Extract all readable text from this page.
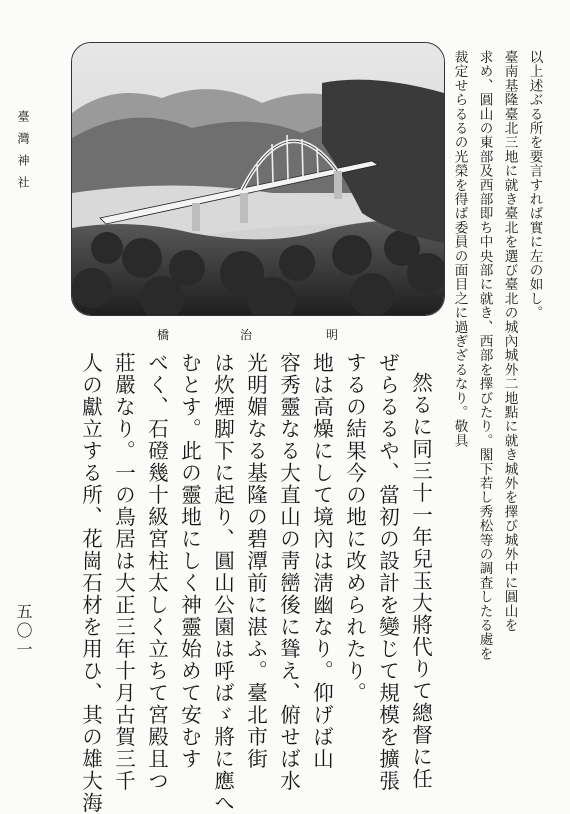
以上述ぶる所を要言すれば實に左の如し。
臺南基隆臺北三地に就き臺北を選び臺北の城內城外二地點に就き城外を擇び城外中に圓山を
求め、圓山の東部及西部即ち中央部に就き、西部を擇びたり。閣下若し秀松等の調査したる處を
裁定せらるるの光榮を得ば委員の面目之に過ぎざるなり。敬具
明
治
橋
臺灣神社
然るに同三十一年兒玉大將代りて總督に任
ぜらるるや、當初の設計を變じて規模を擴張
するの結果今の地に改められたり。
地は高燥にして境內は淸幽なり。仰げば山
容秀靈なる大直山の靑巒後に聳え、俯せば水
光明媚なる基隆の碧潭前に湛ふ。臺北市街
は炊煙脚下に起り、圓山公園は呼ばゞ將に應へ
むとす。此の靈地にしく神靈始めて安むす
べく、石磴幾十級宮柱太しく立ちて宮殿且つ
莊嚴なり。一の鳥居は大正三年十月古賀三千
人の獻立する所、花崗石材を用ひ、其の雄大海
五〇一
